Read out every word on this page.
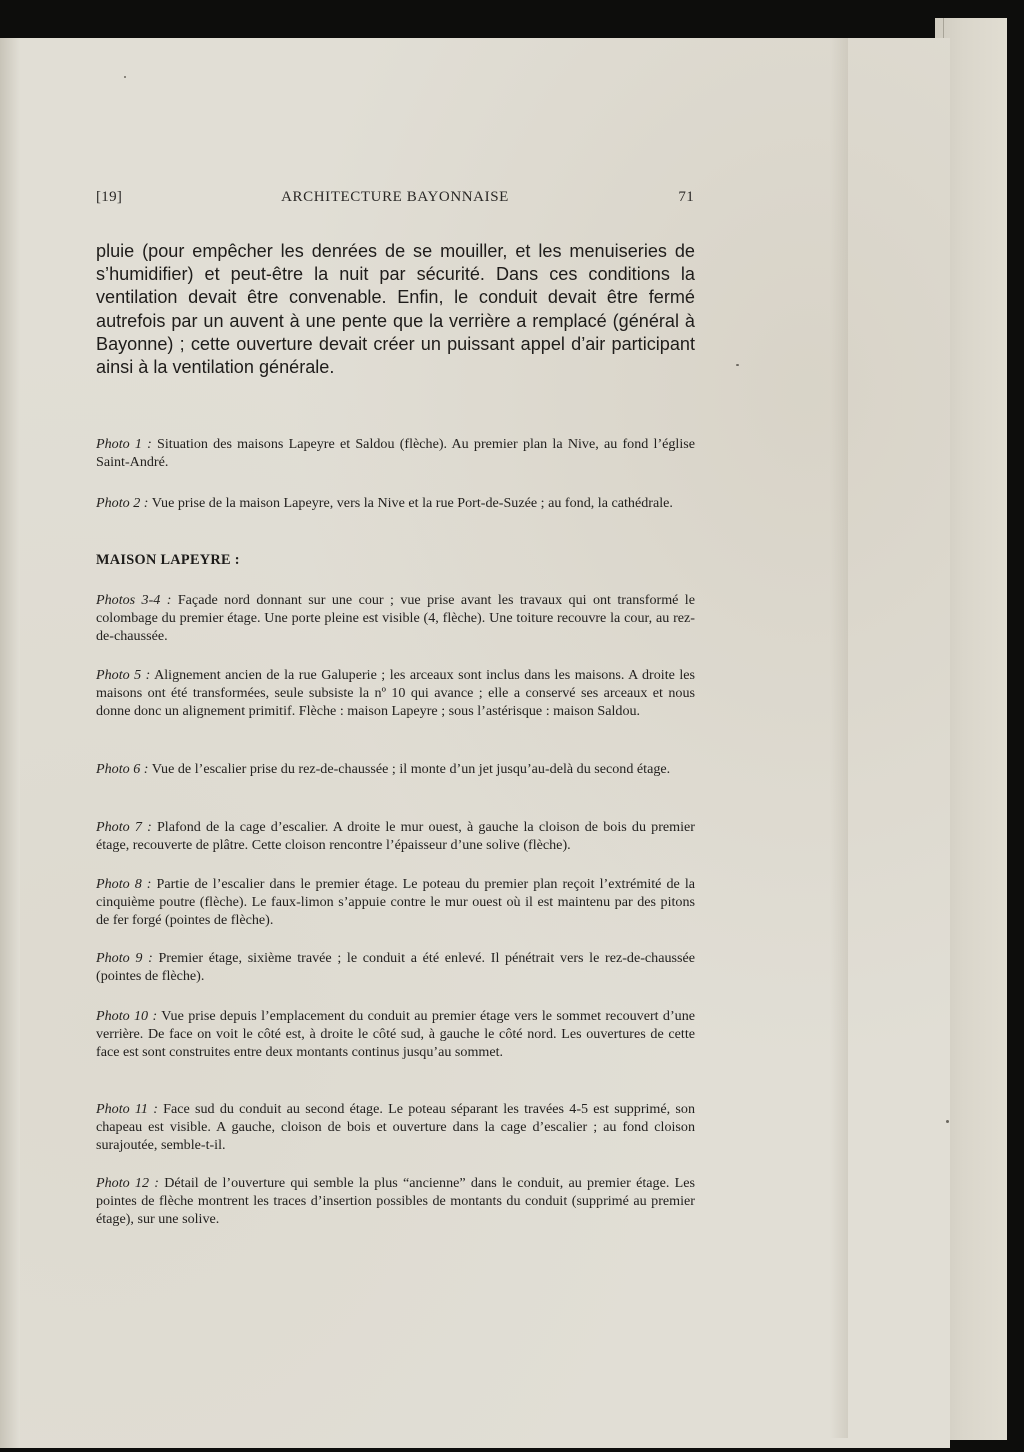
[19]	ARCHITECTURE BAYONNAISE	71

pluie (pour empêcher les denrées de se mouiller, et les menuiseries de s’humidifier) et peut-être la nuit par sécurité. Dans ces conditions la ventilation devait être convenable. Enfin, le conduit devait être fermé autrefois par un auvent à une pente que la verrière a remplacé (général à Bayonne) ; cette ouverture devait créer un puissant appel d’air participant ainsi à la ventilation générale.

Photo 1 : Situation des maisons Lapeyre et Saldou (flèche). Au premier plan la Nive, au fond l’église Saint-André.

Photo 2 : Vue prise de la maison Lapeyre, vers la Nive et la rue Port-de-Suzée ; au fond, la cathédrale.

MAISON LAPEYRE :

Photos 3-4 : Façade nord donnant sur une cour ; vue prise avant les travaux qui ont transformé le colombage du premier étage. Une porte pleine est visible (4, flèche). Une toiture recouvre la cour, au rez-de-chaussée.

Photo 5 : Alignement ancien de la rue Galuperie ; les arceaux sont inclus dans les maisons. A droite les maisons ont été transformées, seule subsiste la nº 10 qui avance ; elle a conservé ses arceaux et nous donne donc un alignement primitif. Flèche : maison Lapeyre ; sous l’astérisque : maison Saldou.

Photo 6 : Vue de l’escalier prise du rez-de-chaussée ; il monte d’un jet jusqu’au-delà du second étage.

Photo 7 : Plafond de la cage d’escalier. A droite le mur ouest, à gauche la cloison de bois du premier étage, recouverte de plâtre. Cette cloison rencontre l’épaisseur d’une solive (flèche).

Photo 8 : Partie de l’escalier dans le premier étage. Le poteau du premier plan reçoit l’extrémité de la cinquième poutre (flèche). Le faux-limon s’appuie contre le mur ouest où il est maintenu par des pitons de fer forgé (pointes de flèche).

Photo 9 : Premier étage, sixième travée ; le conduit a été enlevé. Il pénétrait vers le rez-de-chaussée (pointes de flèche).

Photo 10 : Vue prise depuis l’emplacement du conduit au premier étage vers le sommet recouvert d’une verrière. De face on voit le côté est, à droite le côté sud, à gauche le côté nord. Les ouvertures de cette face est sont construites entre deux montants continus jusqu’au sommet.

Photo 11 : Face sud du conduit au second étage. Le poteau séparant les travées 4-5 est supprimé, son chapeau est visible. A gauche, cloison de bois et ouverture dans la cage d’escalier ; au fond cloison surajoutée, semble-t-il.

Photo 12 : Détail de l’ouverture qui semble la plus “ancienne” dans le conduit, au premier étage. Les pointes de flèche montrent les traces d’insertion possibles de montants du conduit (supprimé au premier étage), sur une solive.
